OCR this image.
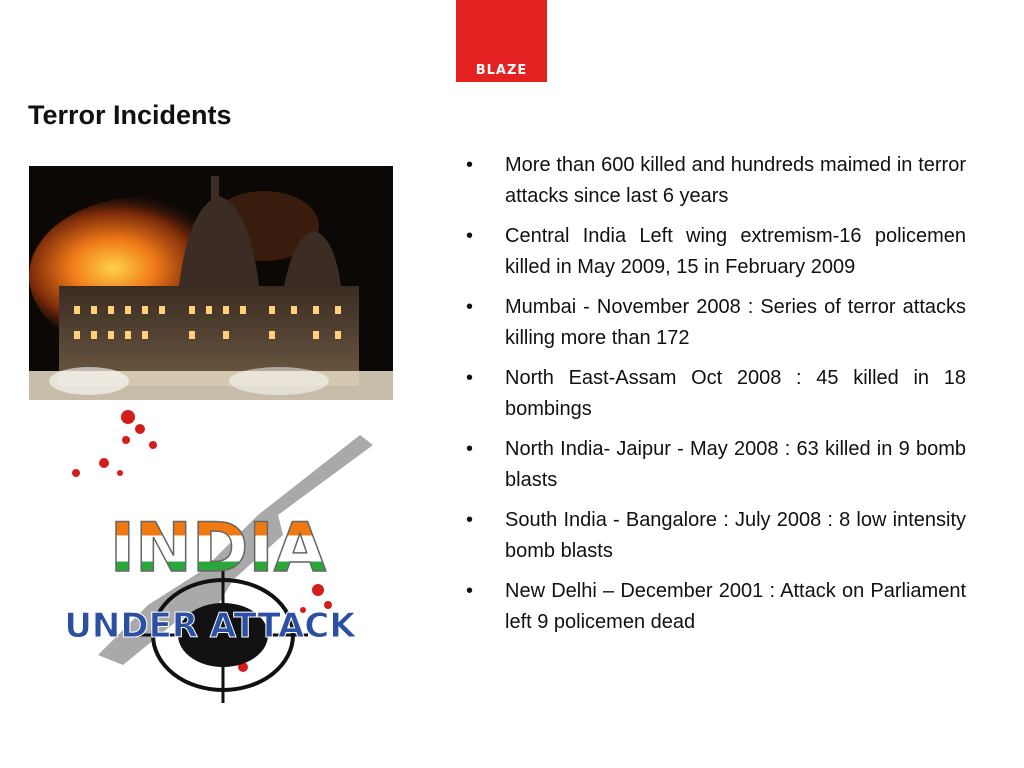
BLAZE
Terror Incidents
INDIA
UNDER ATTACK
• More than 600 killed and hundreds maimed in terror attacks since last 6 years
• Central India Left wing extremism-16 policemen killed in May 2009, 15 in February 2009
• Mumbai - November 2008 : Series of terror attacks killing more than 172
• North East-Assam Oct 2008 : 45 killed in 18 bombings
• North India- Jaipur - May 2008 : 63 killed in 9 bomb blasts
• South India - Bangalore : July 2008 : 8 low intensity bomb blasts
• New Delhi – December 2001 : Attack on Parliament left 9 policemen dead
